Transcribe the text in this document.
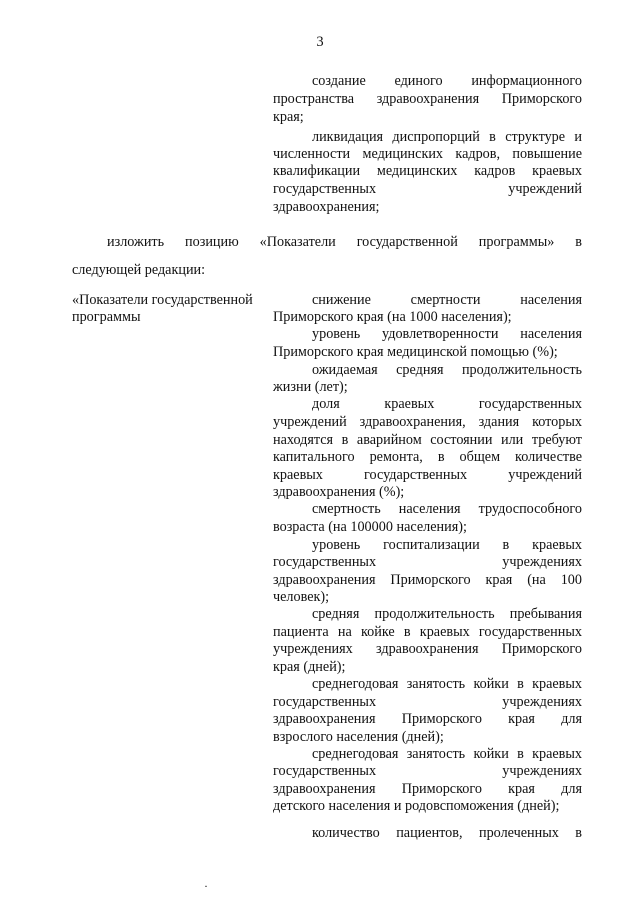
3
создание единого информационного
пространства здравоохранения Приморского
края;
ликвидация диспропорций в структуре и
численности медицинских кадров, повышение
квалификации медицинских кадров краевых
государственных учреждений
здравоохранения;
изложить позицию «Показатели государственной программы» в
следующей редакции:
«Показатели государственной
программы
снижение смертности населения
Приморского края (на 1000 населения);
уровень удовлетворенности населения
Приморского края медицинской помощью (%);
ожидаемая средняя продолжительность
жизни (лет);
доля краевых государственных
учреждений здравоохранения, здания которых
находятся в аварийном состоянии или требуют
капитального ремонта, в общем количестве
краевых государственных учреждений
здравоохранения (%);
смертность населения трудоспособного
возраста (на 100000 населения);
уровень госпитализации в краевых
государственных учреждениях
здравоохранения Приморского края (на 100
человек);
средняя продолжительность пребывания
пациента на койке в краевых государственных
учреждениях здравоохранения Приморского
края (дней);
среднегодовая занятость койки в краевых
государственных учреждениях
здравоохранения Приморского края для
взрослого населения (дней);
среднегодовая занятость койки в краевых
государственных учреждениях
здравоохранения Приморского края для
детского населения и родовспоможения (дней);
количество пациентов, пролеченных в
·
